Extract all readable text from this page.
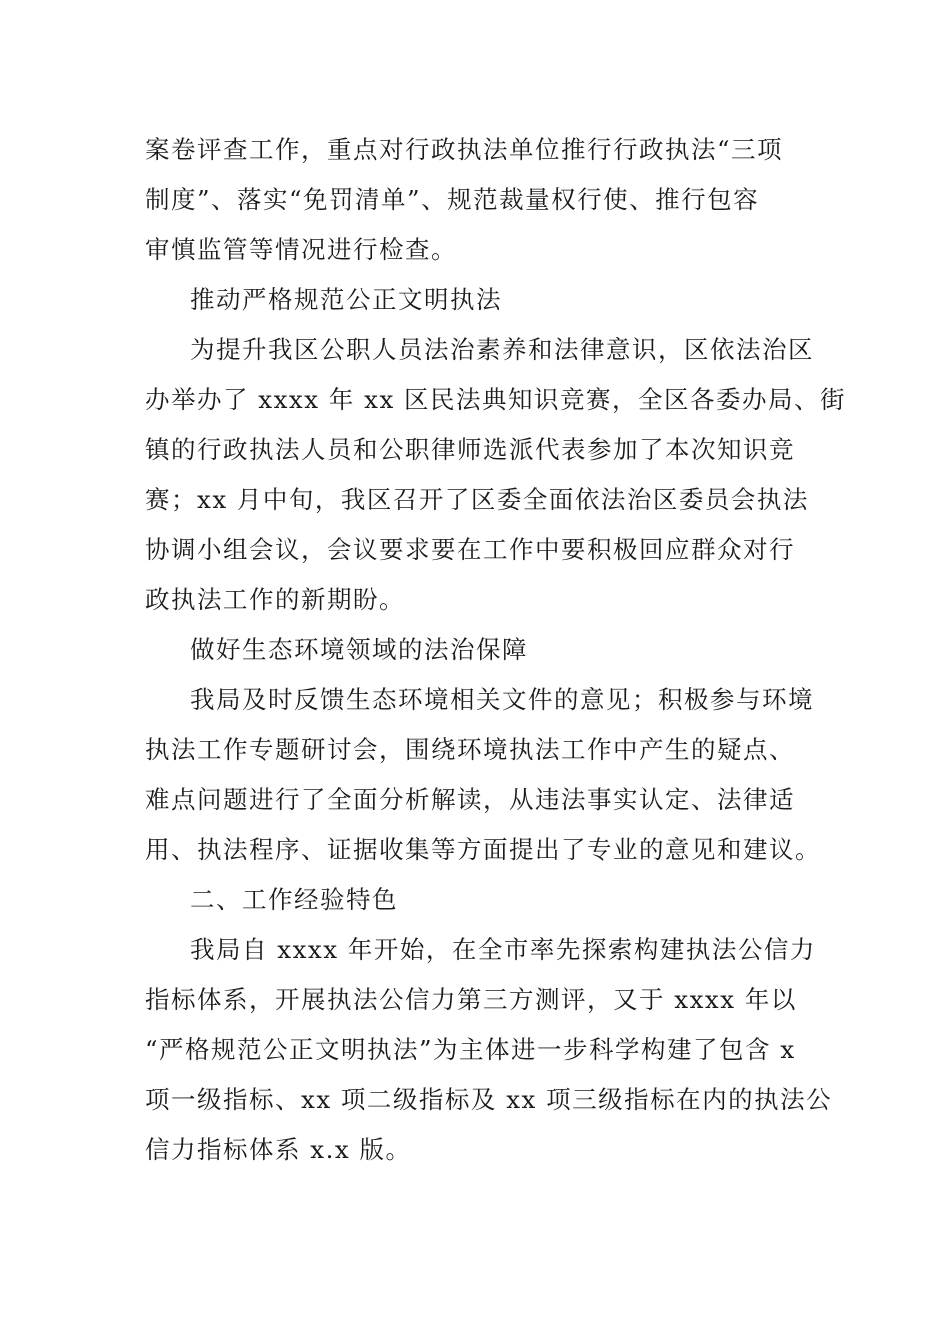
案卷评查工作，重点对行政执法单位推行行政执法“三项
制度”、落实“免罚清单”、规范裁量权行使、推行包容
审慎监管等情况进行检查。
推动严格规范公正文明执法
为提升我区公职人员法治素养和法律意识，区依法治区
办举办了 xxxx 年 xx 区民法典知识竞赛，全区各委办局、街
镇的行政执法人员和公职律师选派代表参加了本次知识竞
赛；xx 月中旬，我区召开了区委全面依法治区委员会执法
协调小组会议，会议要求要在工作中要积极回应群众对行
政执法工作的新期盼。
做好生态环境领域的法治保障
我局及时反馈生态环境相关文件的意见；积极参与环境
执法工作专题研讨会，围绕环境执法工作中产生的疑点、
难点问题进行了全面分析解读，从违法事实认定、法律适
用、执法程序、证据收集等方面提出了专业的意见和建议。
二、工作经验特色
我局自 xxxx 年开始，在全市率先探索构建执法公信力
指标体系，开展执法公信力第三方测评，又于 xxxx 年以
“严格规范公正文明执法”为主体进一步科学构建了包含 x
项一级指标、xx 项二级指标及 xx 项三级指标在内的执法公
信力指标体系 x.x 版。
